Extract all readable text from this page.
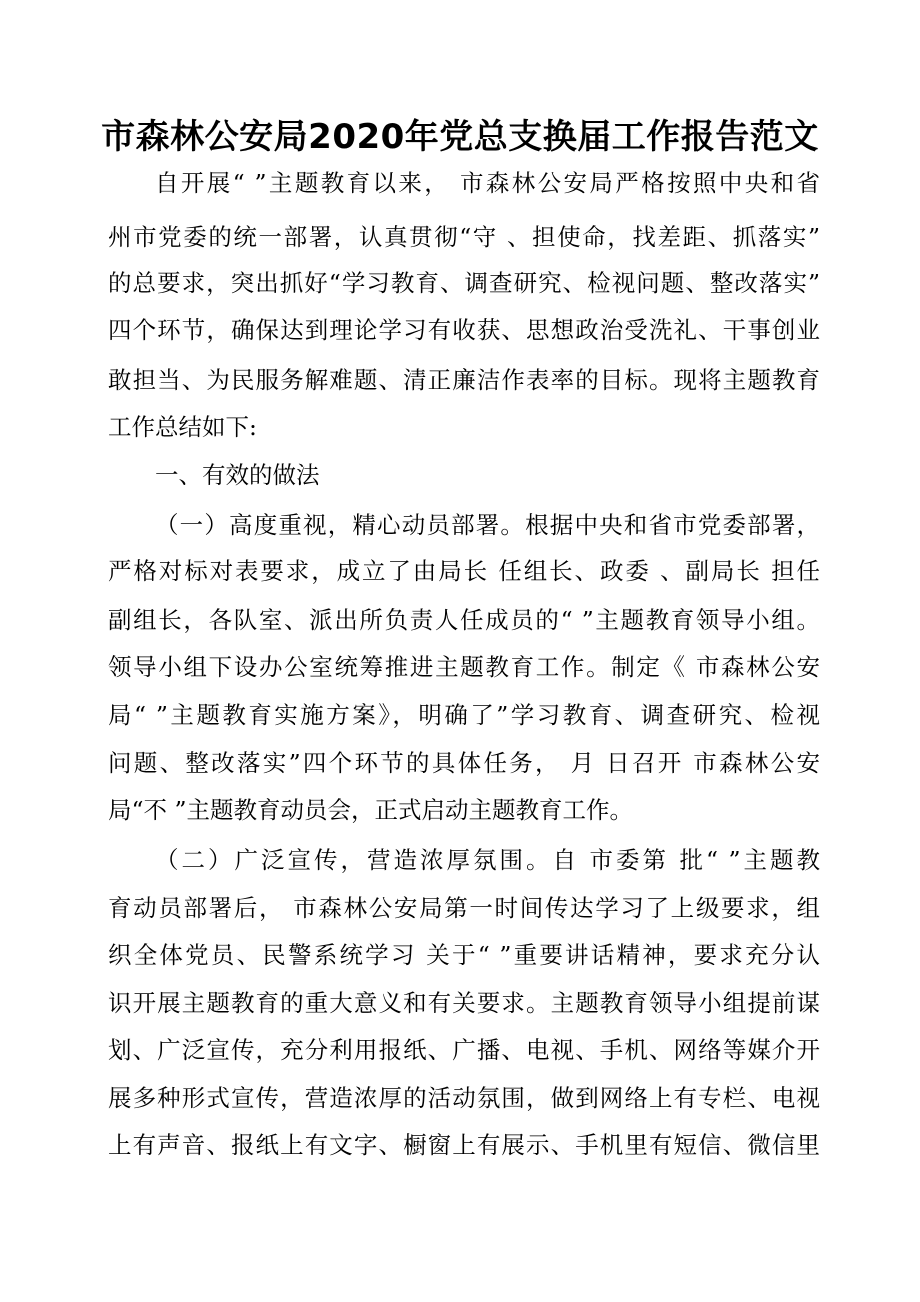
市森林公安局2020年党总支换届工作报告范文
自开展“ ”主题教育以来， 市森林公安局严格按照中央和省
州市党委的统一部署，认真贯彻“守 、担使命，找差距、抓落实”
的总要求，突出抓好“学习教育、调查研究、检视问题、整改落实”
四个环节，确保达到理论学习有收获、思想政治受洗礼、干事创业
敢担当、为民服务解难题、清正廉洁作表率的目标。现将主题教育
工作总结如下:
一、有效的做法
（一）高度重视，精心动员部署。根据中央和省市党委部署，
严格对标对表要求，成立了由局长 任组长、政委 、副局长 担任
副组长，各队室、派出所负责人任成员的“ ”主题教育领导小组。
领导小组下设办公室统筹推进主题教育工作。制定《 市森林公安
局“ ”主题教育实施方案》，明确了”学习教育、调查研究、检视
问题、整改落实”四个环节的具体任务， 月 日召开 市森林公安
局“不 ”主题教育动员会，正式启动主题教育工作。
（二）广泛宣传，营造浓厚氛围。自 市委第 批“ ”主题教
育动员部署后， 市森林公安局第一时间传达学习了上级要求，组
织全体党员、民警系统学习 关于“ ”重要讲话精神，要求充分认
识开展主题教育的重大意义和有关要求。主题教育领导小组提前谋
划、广泛宣传，充分利用报纸、广播、电视、手机、网络等媒介开
展多种形式宣传，营造浓厚的活动氛围，做到网络上有专栏、电视
上有声音、报纸上有文字、橱窗上有展示、手机里有短信、微信里
